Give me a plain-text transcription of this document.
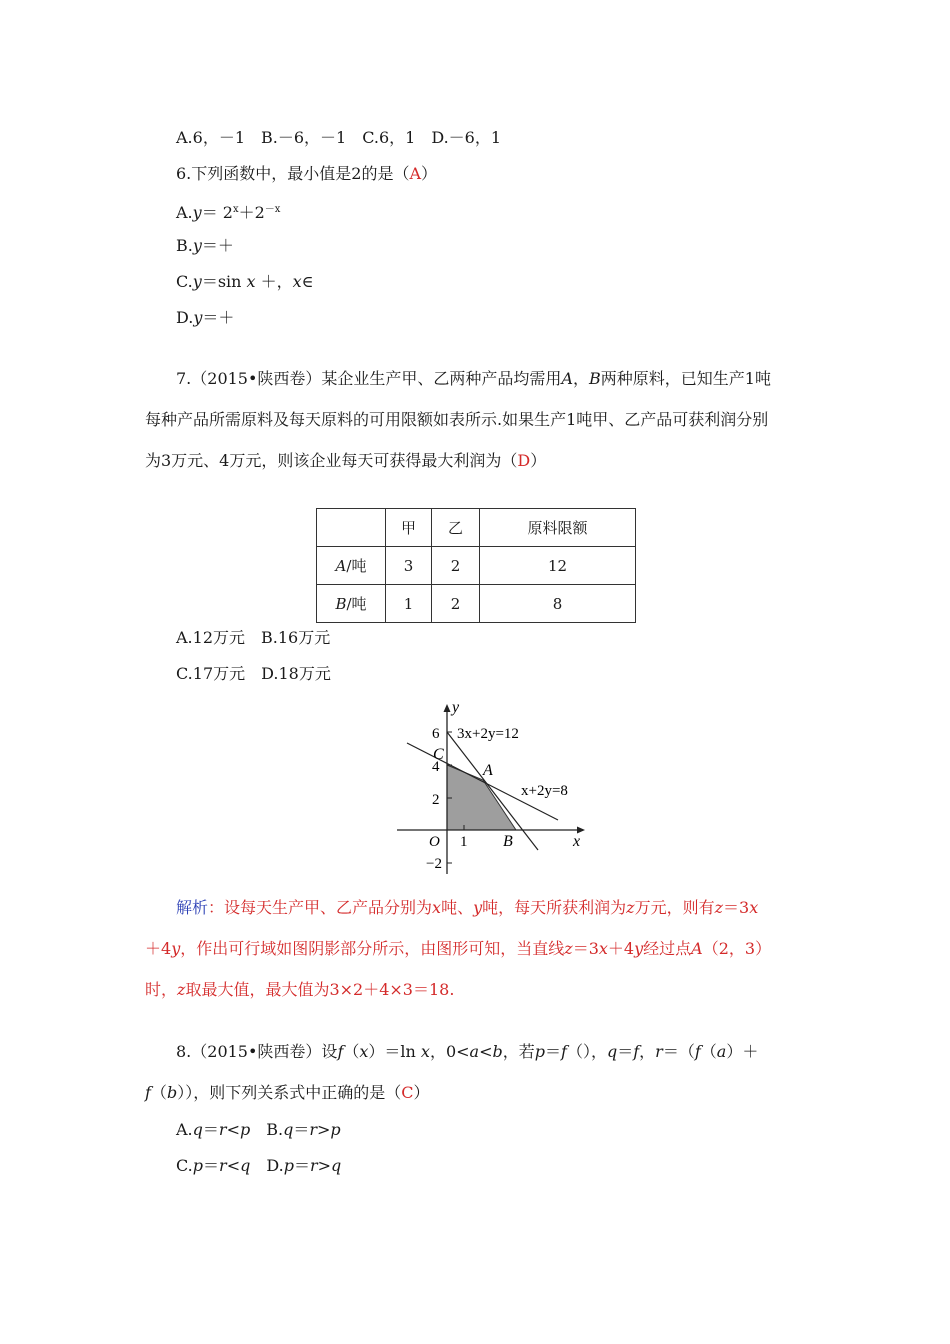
A.6，－1　B.－6，－1　C.6，1　D.－6，1
6.下列函数中，最小值是2的是（A）
$A.y= 2^x+2^{-x}$
B.y＝＋
C.y＝sin x ＋，x∈
D.y＝＋
7.（2015•陕西卷）某企业生产甲、乙两种产品均需用A，B两种原料，已知生产1吨
每种产品所需原料及每天原料的可用限额如表所示.如果生产1吨甲、乙产品可获利润分别
为3万元、4万元，则该企业每天可获得最大利润为（D）
	甲	乙	原料限额
A/吨	3	2	12
B/吨	1	2	8
A.12万元　B.16万元
C.17万元　D.18万元
y
x
O
6
4
2
−2
1
C
A
B
3x+2y=12
x+2y=8
解析：设每天生产甲、乙产品分别为x吨、y吨，每天所获利润为z万元，则有z＝3x
＋4y，作出可行域如图阴影部分所示，由图形可知，当直线z＝3x＋4y经过点A（2，3）
时，z取最大值，最大值为3×2＋4×3＝18.
8.（2015•陕西卷）设f（x）＝ln x，0<a<b，若p＝f（），q＝f，r＝（f（a）＋
f（b）），则下列关系式中正确的是（C）
A.q＝r<p　B.q＝r>p
C.p＝r<q　D.p＝r>q
